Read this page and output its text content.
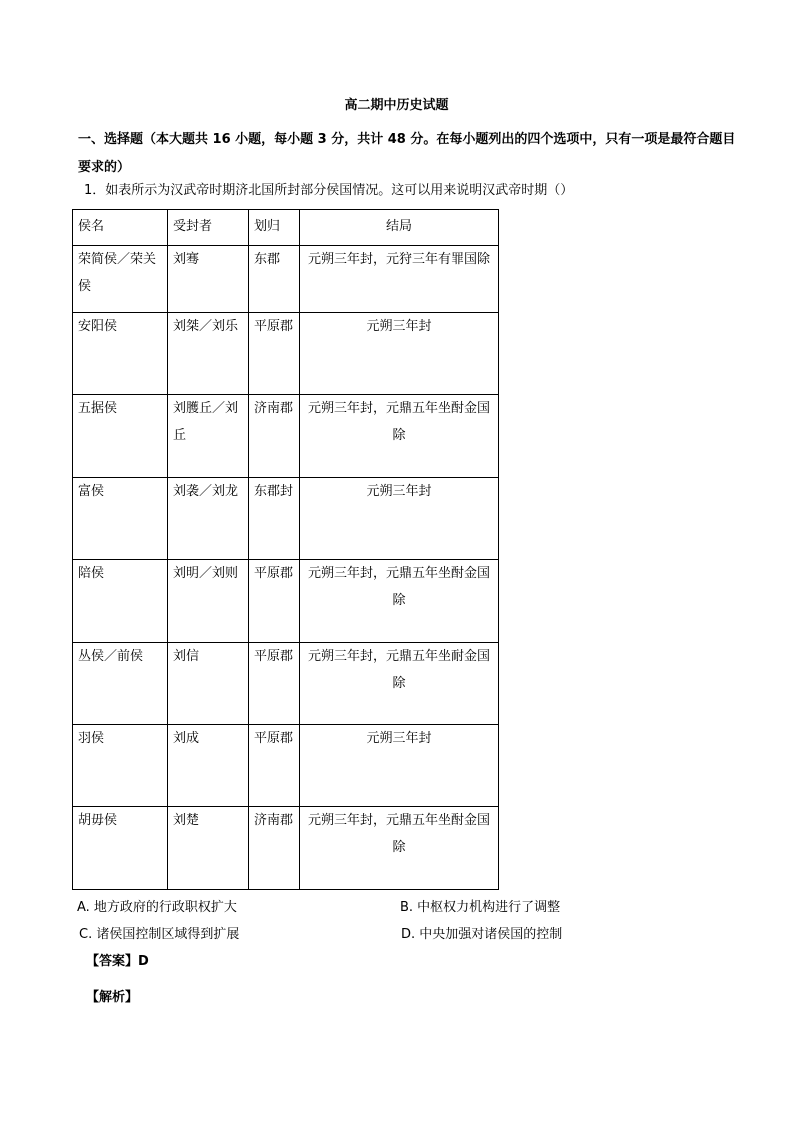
高二期中历史试题
一、选择题（本大题共 16 小题，每小题 3 分，共计 48 分。在每小题列出的四个选项中，只有一项是最符合题目要求的）
1．如表所示为汉武帝时期济北国所封部分侯国情况。这可以用来说明汉武帝时期（）
侯名	受封者	划归	结局
荣简侯／荣关侯	刘骞	东郡	元朔三年封，元狩三年有罪国除
安阳侯	刘桀／刘乐	平原郡	元朔三年封
五据侯	刘臒丘／刘丘	济南郡	元朔三年封，元鼎五年坐酎金国除
富侯	刘袭／刘龙	东郡封	元朔三年封
陪侯	刘明／刘则	平原郡	元朔三年封，元鼎五年坐酎金国除
丛侯／前侯	刘信	平原郡	元朔三年封，元鼎五年坐耐金国除
羽侯	刘成	平原郡	元朔三年封
胡毋侯	刘楚	济南郡	元朔三年封，元鼎五年坐酎金国除
A. 地方政府的行政职权扩大	B. 中枢权力机构进行了调整
C. 诸侯国控制区域得到扩展	D. 中央加强对诸侯国的控制
【答案】D
【解析】
